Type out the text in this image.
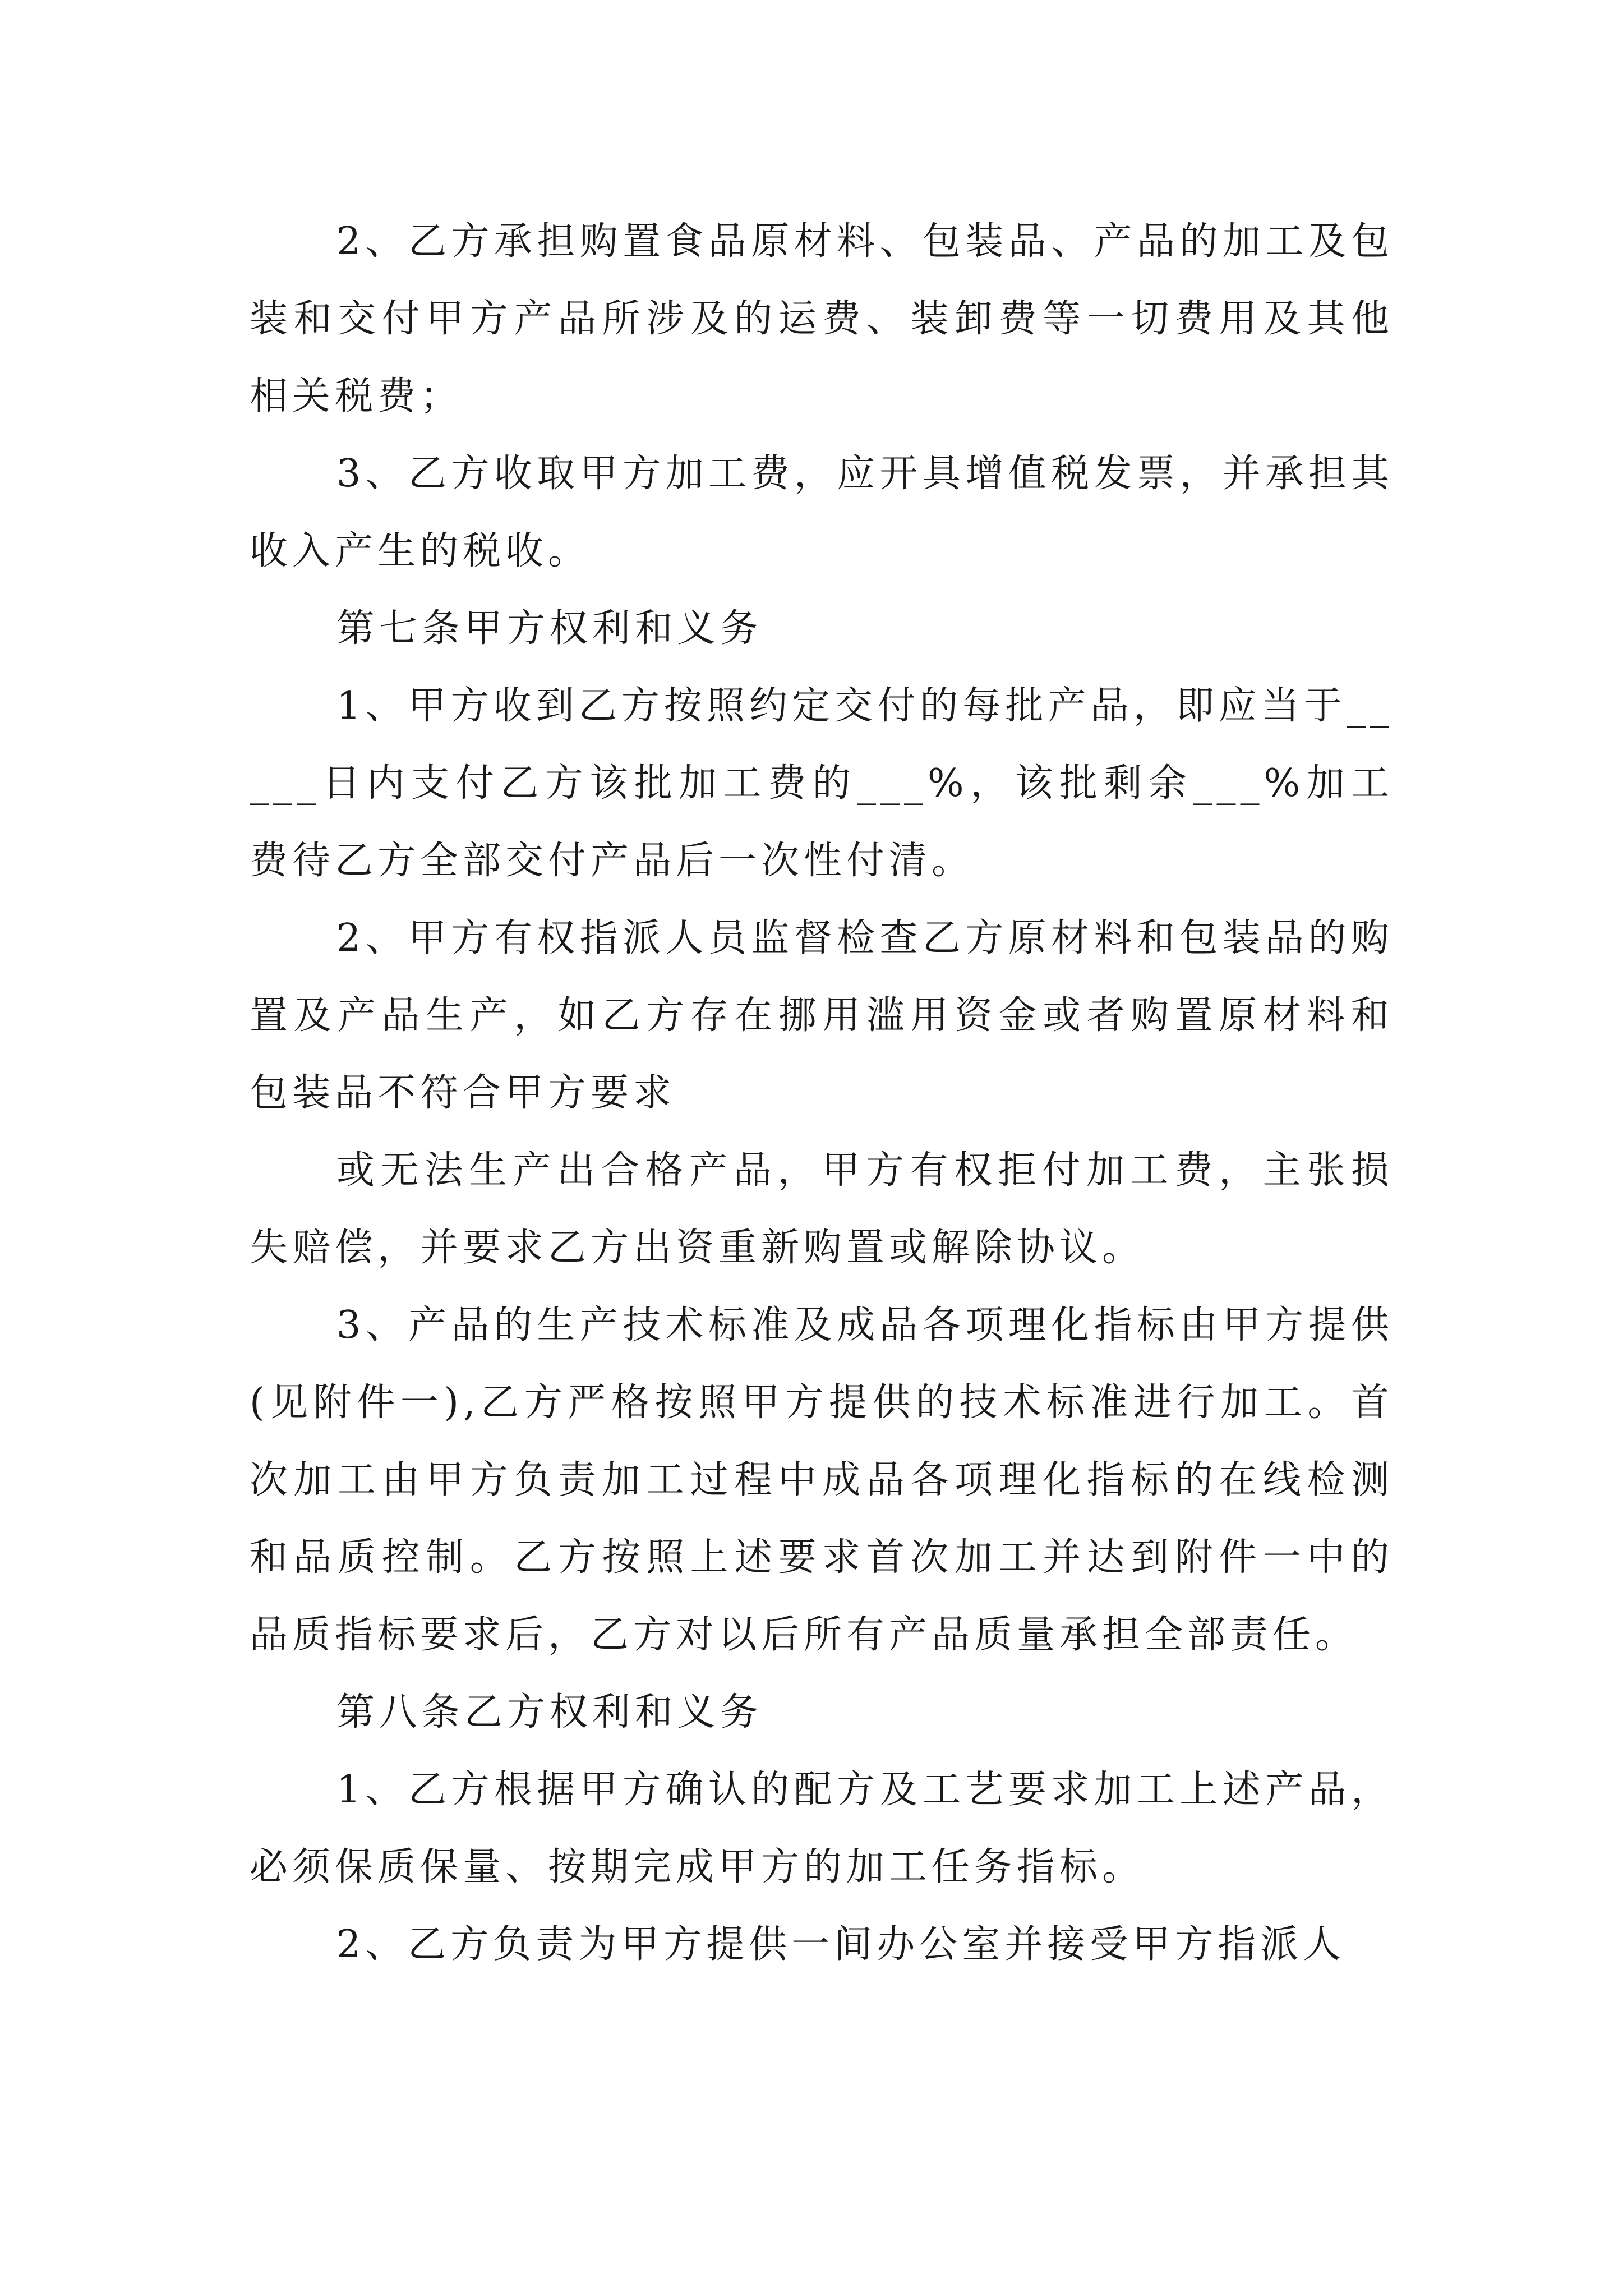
2、乙方承担购置食品原材料、包装品、产品的加工及包装和交付甲方产品所涉及的运费、装卸费等一切费用及其他相关税费；

3、乙方收取甲方加工费，应开具增值税发票，并承担其收入产生的税收。

第七条甲方权利和义务

1、甲方收到乙方按照约定交付的每批产品，即应当于_____日内支付乙方该批加工费的___%，该批剩余___%加工费待乙方全部交付产品后一次性付清。

2、甲方有权指派人员监督检查乙方原材料和包装品的购置及产品生产，如乙方存在挪用滥用资金或者购置原材料和包装品不符合甲方要求

或无法生产出合格产品，甲方有权拒付加工费，主张损失赔偿，并要求乙方出资重新购置或解除协议。

3、产品的生产技术标准及成品各项理化指标由甲方提供(见附件一),乙方严格按照甲方提供的技术标准进行加工。首次加工由甲方负责加工过程中成品各项理化指标的在线检测和品质控制。乙方按照上述要求首次加工并达到附件一中的品质指标要求后，乙方对以后所有产品质量承担全部责任。

第八条乙方权利和义务

1、乙方根据甲方确认的配方及工艺要求加工上述产品，必须保质保量、按期完成甲方的加工任务指标。

2、乙方负责为甲方提供一间办公室并接受甲方指派人
